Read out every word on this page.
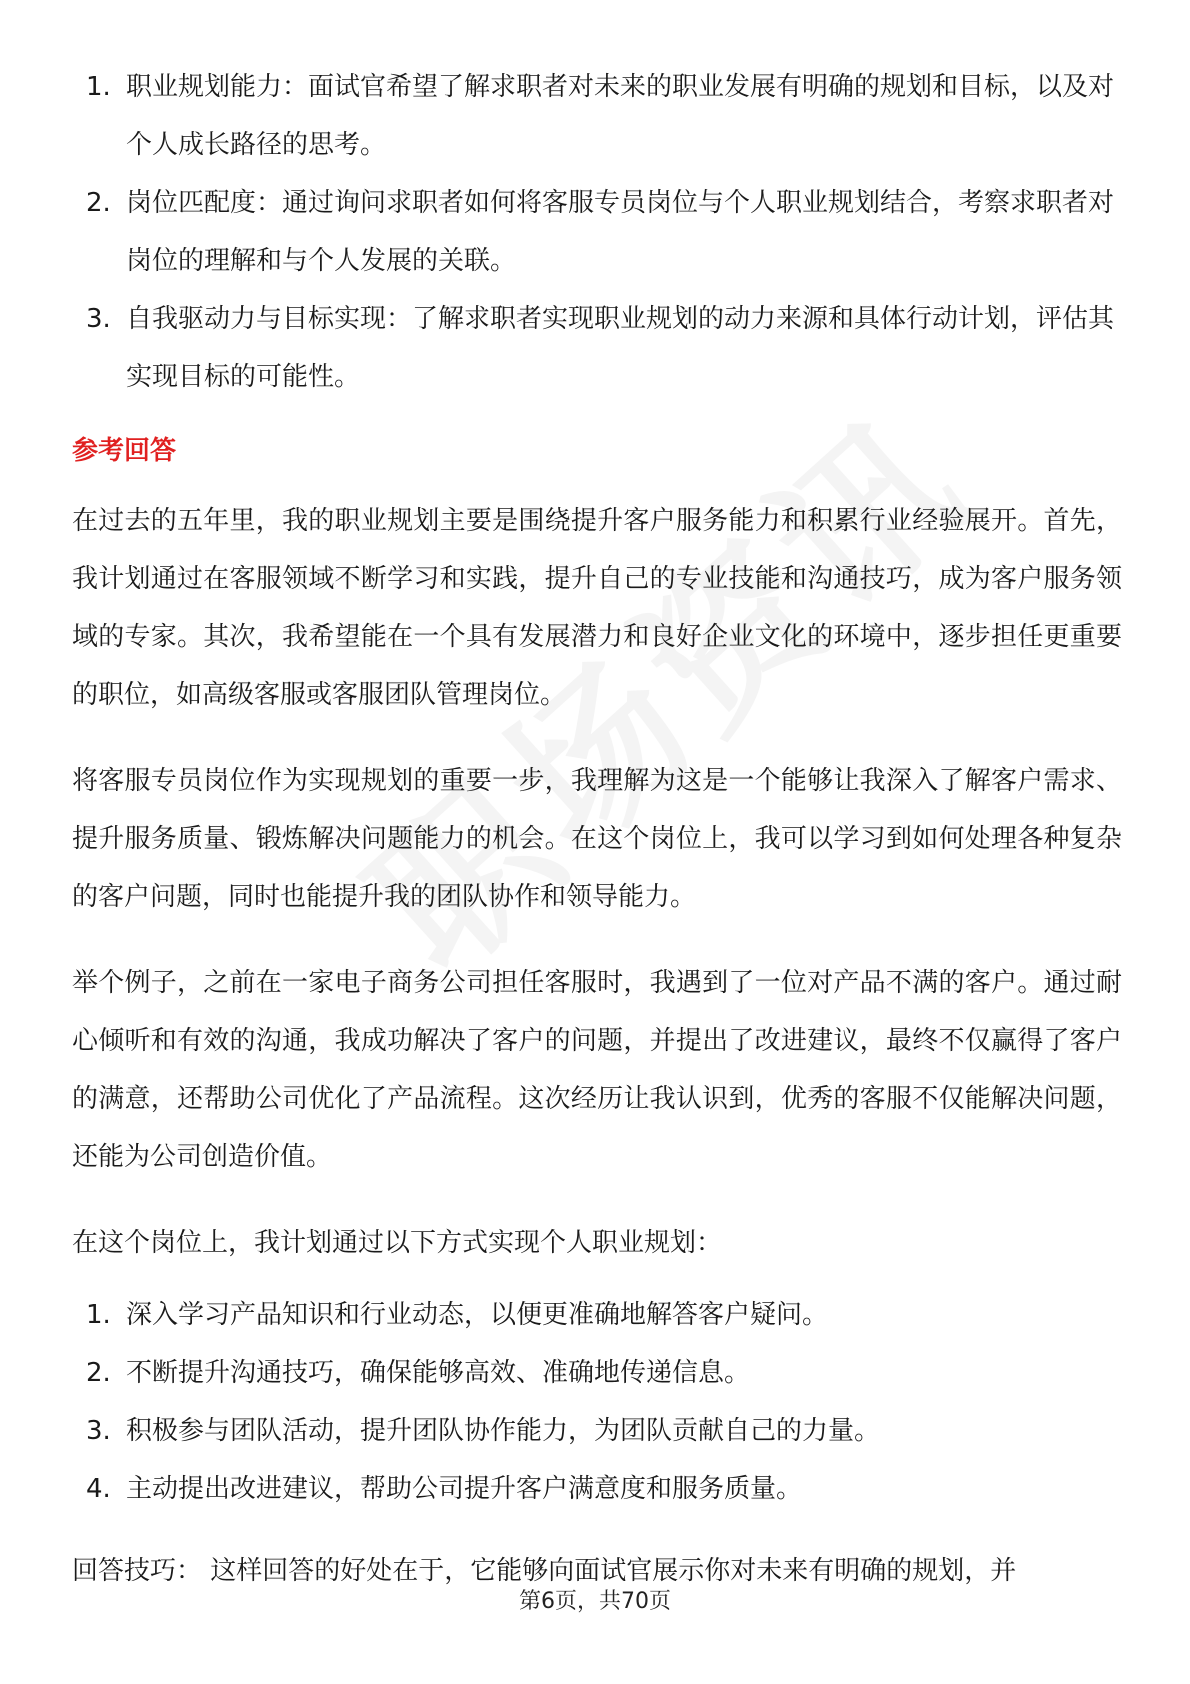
1. 职业规划能力：面试官希望了解求职者对未来的职业发展有明确的规划和目标，以及对个人成长路径的思考。
2. 岗位匹配度：通过询问求职者如何将客服专员岗位与个人职业规划结合，考察求职者对岗位的理解和与个人发展的关联。
3. 自我驱动力与目标实现：了解求职者实现职业规划的动力来源和具体行动计划，评估其实现目标的可能性。
参考回答

在过去的五年里，我的职业规划主要是围绕提升客户服务能力和积累行业经验展开。首先，我计划通过在客服领域不断学习和实践，提升自己的专业技能和沟通技巧，成为客户服务领域的专家。其次，我希望能在一个具有发展潜力和良好企业文化的环境中，逐步担任更重要的职位，如高级客服或客服团队管理岗位。

将客服专员岗位作为实现规划的重要一步，我理解为这是一个能够让我深入了解客户需求、提升服务质量、锻炼解决问题能力的机会。在这个岗位上，我可以学习到如何处理各种复杂的客户问题，同时也能提升我的团队协作和领导能力。

举个例子，之前在一家电子商务公司担任客服时，我遇到了一位对产品不满的客户。通过耐心倾听和有效的沟通，我成功解决了客户的问题，并提出了改进建议，最终不仅赢得了客户的满意，还帮助公司优化了产品流程。这次经历让我认识到，优秀的客服不仅能解决问题，还能为公司创造价值。

在这个岗位上，我计划通过以下方式实现个人职业规划：

1. 深入学习产品知识和行业动态，以便更准确地解答客户疑问。
2. 不断提升沟通技巧，确保能够高效、准确地传递信息。
3. 积极参与团队活动，提升团队协作能力，为团队贡献自己的力量。
4. 主动提出改进建议，帮助公司提升客户满意度和服务质量。

回答技巧： 这样回答的好处在于，它能够向面试官展示你对未来有明确的规划，并

第6页，共70页
